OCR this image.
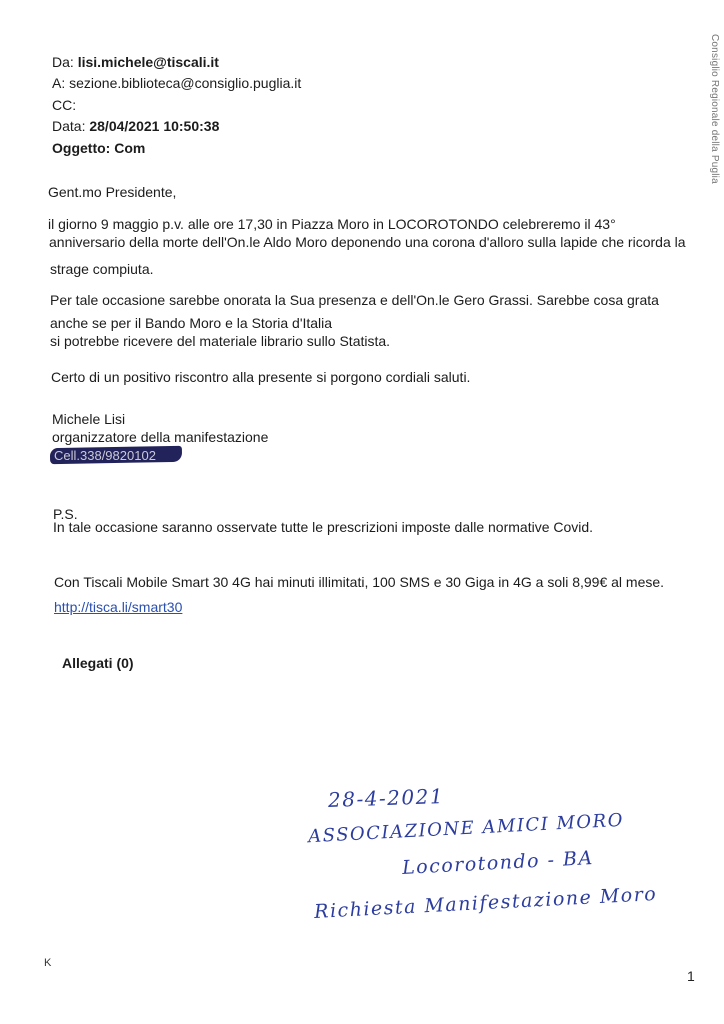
Consiglio Regionale della Puglia
Da: lisi.michele@tiscali.it
A: sezione.biblioteca@consiglio.puglia.it
CC:
Data: 28/04/2021 10:50:38
Oggetto: Com
Gent.mo Presidente,
il giorno 9 maggio p.v. alle ore 17,30 in Piazza Moro in LOCOROTONDO celebreremo il 43°
anniversario della morte dell'On.le Aldo Moro deponendo una corona d'alloro sulla lapide che ricorda la
strage compiuta.
Per tale occasione sarebbe onorata la Sua presenza e dell'On.le Gero Grassi. Sarebbe cosa grata
anche se per il Bando Moro e la Storia d'Italia
si potrebbe ricevere del materiale librario sullo Statista.
Certo di un positivo riscontro alla presente si porgono cordiali saluti.
Michele Lisi
organizzatore della manifestazione
Cell.338/9820102
P.S.
In tale occasione saranno osservate tutte le prescrizioni imposte dalle normative Covid.
Con Tiscali Mobile Smart 30 4G hai minuti illimitati, 100 SMS e 30 Giga in 4G a soli 8,99€ al mese.
http://tisca.li/smart30
Allegati (0)
28-4-2021
ASSOCIAZIONE AMICI MORO
Locorotondo - BA
Richiesta Manifestazione Moro
K
1
